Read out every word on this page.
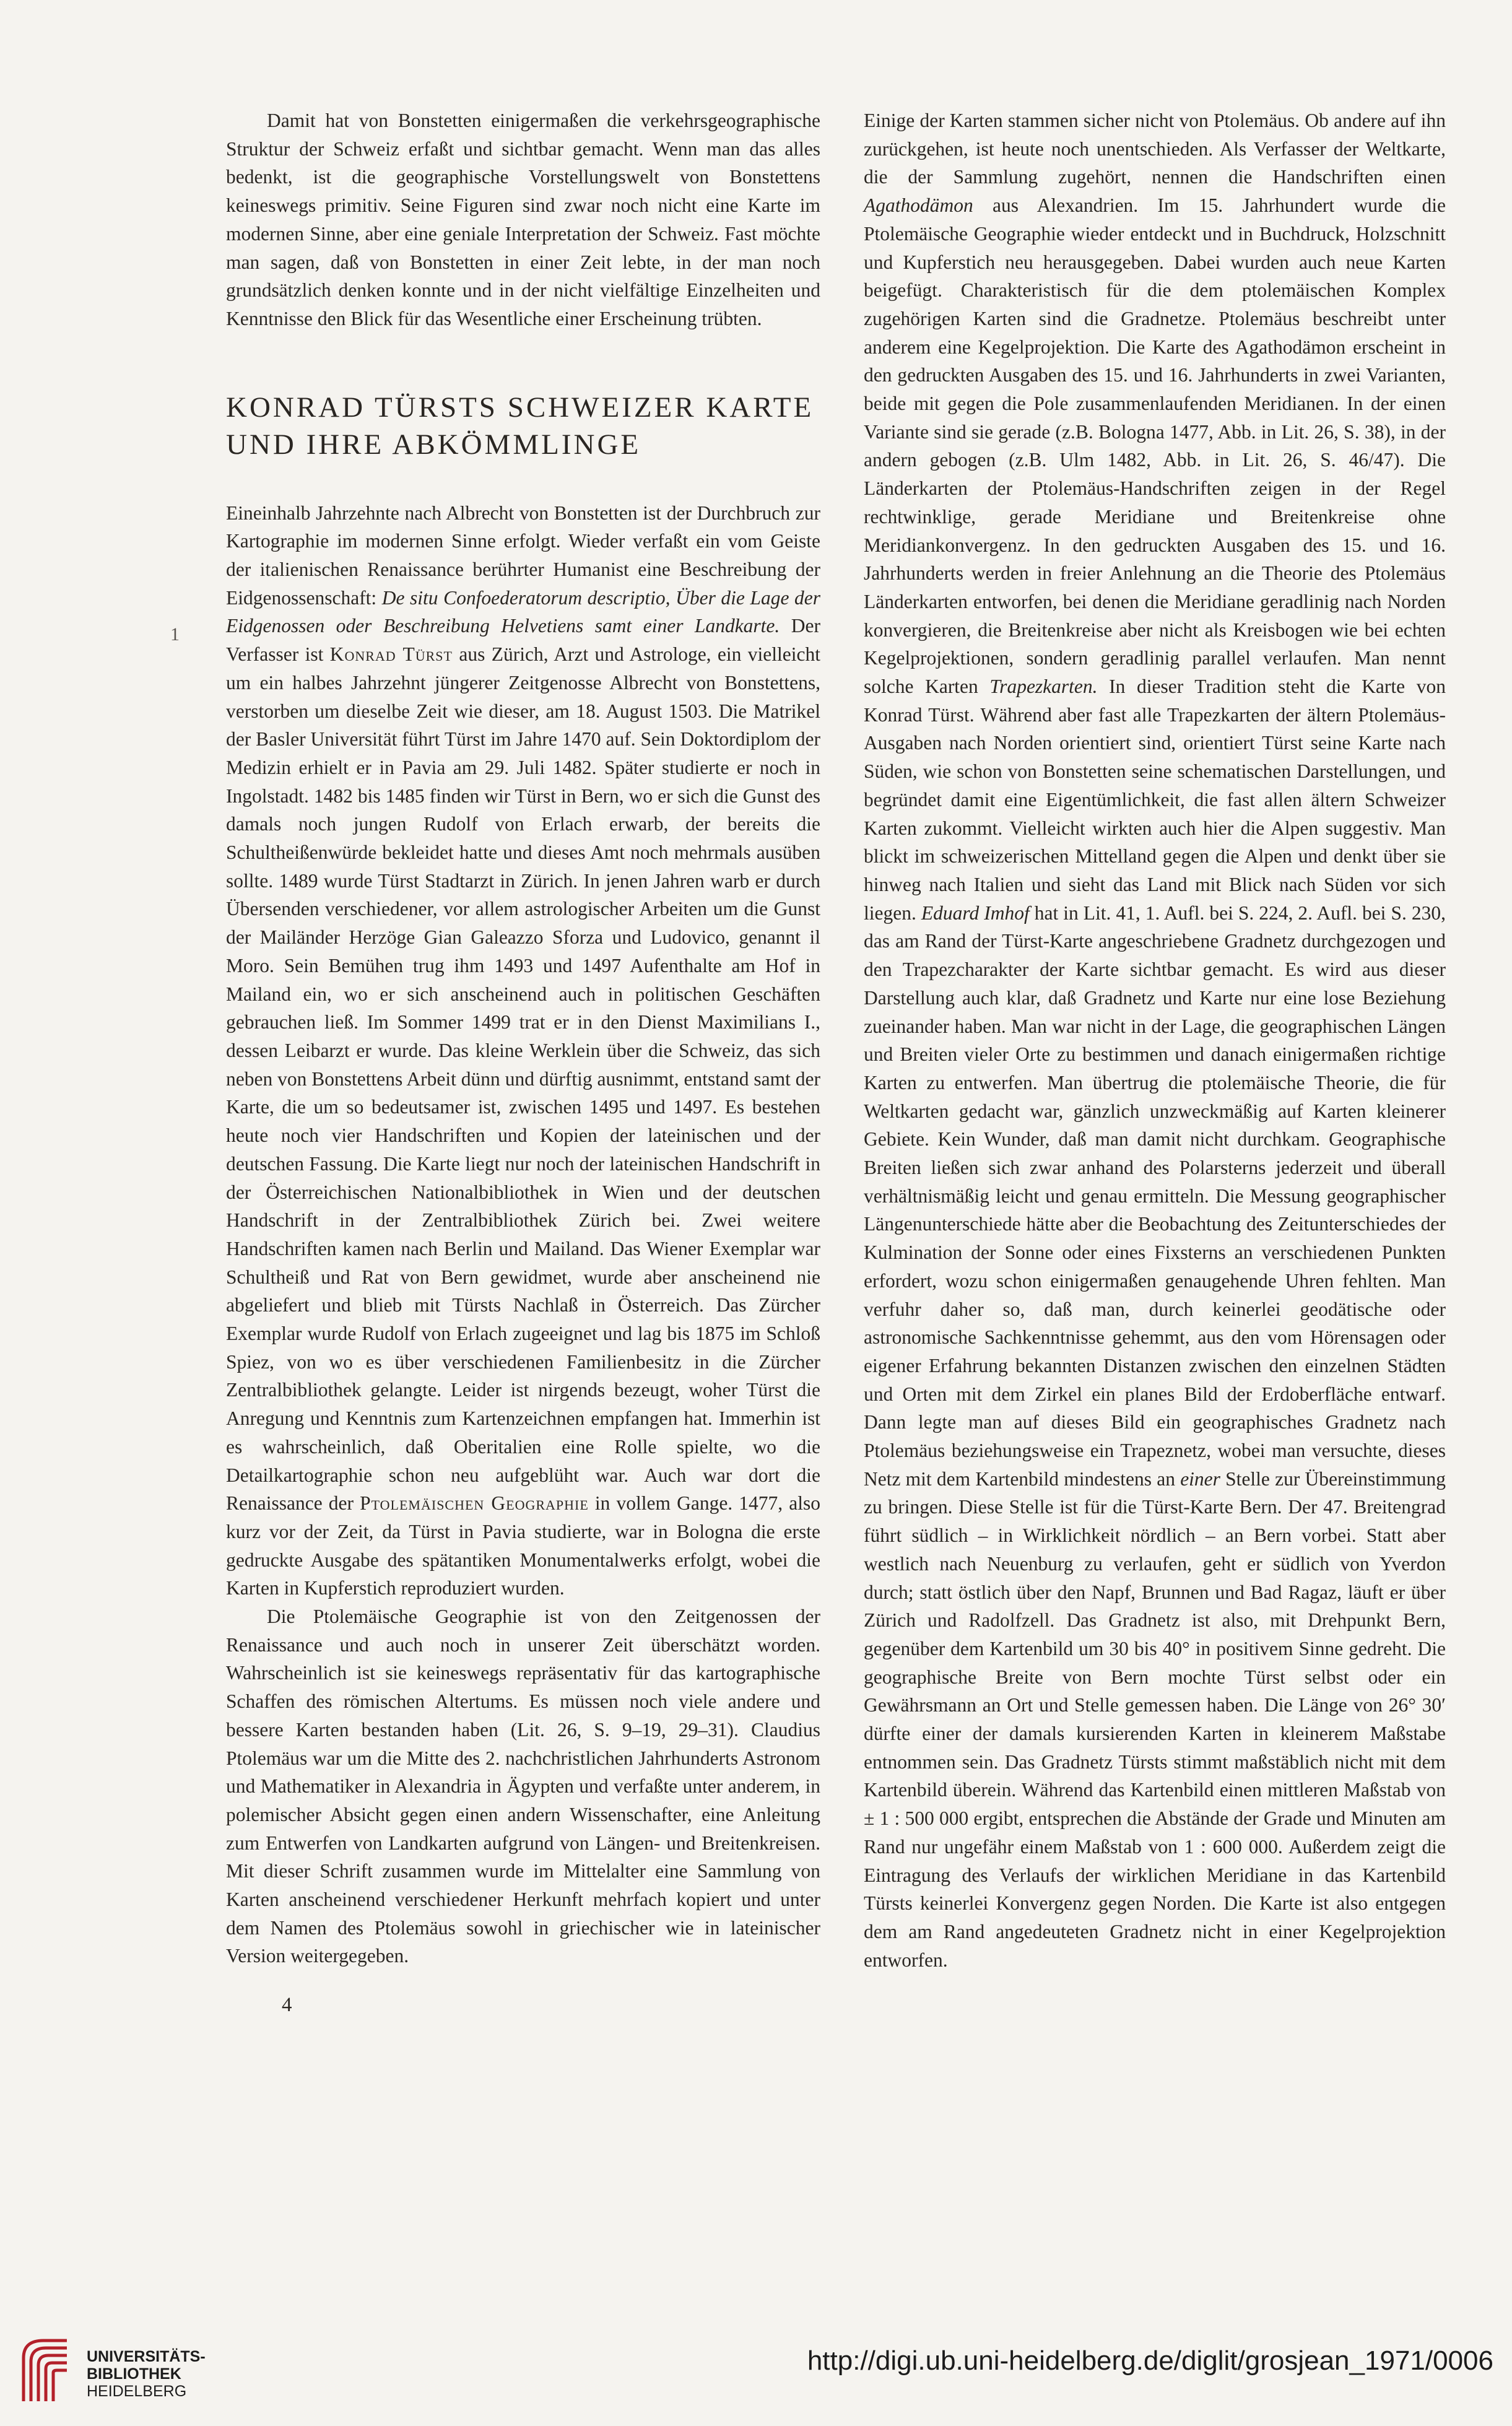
Damit hat von Bonstetten einigermaßen die verkehrsgeographische Struktur der Schweiz erfaßt und sichtbar gemacht. Wenn man das alles bedenkt, ist die geographische Vorstellungswelt von Bonstettens keineswegs primitiv. Seine Figuren sind zwar noch nicht eine Karte im modernen Sinne, aber eine geniale Interpretation der Schweiz. Fast möchte man sagen, daß von Bonstetten in einer Zeit lebte, in der man noch grundsätzlich denken konnte und in der nicht vielfältige Einzelheiten und Kenntnisse den Blick für das Wesentliche einer Erscheinung trübten.

KONRAD TÜRSTS SCHWEIZER KARTE
UND IHRE ABKÖMMLINGE

Eineinhalb Jahrzehnte nach Albrecht von Bonstetten ist der Durchbruch zur Kartographie im modernen Sinne erfolgt. Wieder verfaßt ein vom Geiste der italienischen Renaissance berührter Humanist eine Beschreibung der Eidgenossenschaft: De situ Confoederatorum descriptio, Über die Lage der Eidgenossen oder Beschreibung Helvetiens samt einer Landkarte. Der Verfasser ist Konrad Türst aus Zürich, Arzt und Astrologe, ein vielleicht um ein halbes Jahrzehnt jüngerer Zeitgenosse Albrecht von Bonstettens, verstorben um dieselbe Zeit wie dieser, am 18. August 1503. Die Matrikel der Basler Universität führt Türst im Jahre 1470 auf. Sein Doktordiplom der Medizin erhielt er in Pavia am 29. Juli 1482. Später studierte er noch in Ingolstadt. 1482 bis 1485 finden wir Türst in Bern, wo er sich die Gunst des damals noch jungen Rudolf von Erlach erwarb, der bereits die Schultheißenwürde bekleidet hatte und dieses Amt noch mehrmals ausüben sollte. 1489 wurde Türst Stadtarzt in Zürich. In jenen Jahren warb er durch Übersenden verschiedener, vor allem astrologischer Arbeiten um die Gunst der Mailänder Herzöge Gian Galeazzo Sforza und Ludovico, genannt il Moro. Sein Bemühen trug ihm 1493 und 1497 Aufenthalte am Hof in Mailand ein, wo er sich anscheinend auch in politischen Geschäften gebrauchen ließ. Im Sommer 1499 trat er in den Dienst Maximilians I., dessen Leibarzt er wurde. Das kleine Werklein über die Schweiz, das sich neben von Bonstettens Arbeit dünn und dürftig ausnimmt, entstand samt der Karte, die um so bedeutsamer ist, zwischen 1495 und 1497. Es bestehen heute noch vier Handschriften und Kopien der lateinischen und der deutschen Fassung. Die Karte liegt nur noch der lateinischen Handschrift in der Österreichischen Nationalbibliothek in Wien und der deutschen Handschrift in der Zentralbibliothek Zürich bei. Zwei weitere Handschriften kamen nach Berlin und Mailand. Das Wiener Exemplar war Schultheiß und Rat von Bern gewidmet, wurde aber anscheinend nie abgeliefert und blieb mit Türsts Nachlaß in Österreich. Das Zürcher Exemplar wurde Rudolf von Erlach zugeeignet und lag bis 1875 im Schloß Spiez, von wo es über verschiedenen Familienbesitz in die Zürcher Zentralbibliothek gelangte. Leider ist nirgends bezeugt, woher Türst die Anregung und Kenntnis zum Kartenzeichnen empfangen hat. Immerhin ist es wahrscheinlich, daß Oberitalien eine Rolle spielte, wo die Detailkartographie schon neu aufgeblüht war. Auch war dort die Renaissance der Ptolemäischen Geographie in vollem Gange. 1477, also kurz vor der Zeit, da Türst in Pavia studierte, war in Bologna die erste gedruckte Ausgabe des spätantiken Monumentalwerks erfolgt, wobei die Karten in Kupferstich reproduziert wurden.

Die Ptolemäische Geographie ist von den Zeitgenossen der Renaissance und auch noch in unserer Zeit überschätzt worden. Wahrscheinlich ist sie keineswegs repräsentativ für das kartographische Schaffen des römischen Altertums. Es müssen noch viele andere und bessere Karten bestanden haben (Lit. 26, S. 9–19, 29–31). Claudius Ptolemäus war um die Mitte des 2. nachchristlichen Jahrhunderts Astronom und Mathematiker in Alexandria in Ägypten und verfaßte unter anderem, in polemischer Absicht gegen einen andern Wissenschafter, eine Anleitung zum Entwerfen von Landkarten aufgrund von Längen- und Breitenkreisen. Mit dieser Schrift zusammen wurde im Mittelalter eine Sammlung von Karten anscheinend verschiedener Herkunft mehrfach kopiert und unter dem Namen des Ptolemäus sowohl in griechischer wie in lateinischer Version weitergegeben.

1

Einige der Karten stammen sicher nicht von Ptolemäus. Ob andere auf ihn zurückgehen, ist heute noch unentschieden. Als Verfasser der Weltkarte, die der Sammlung zugehört, nennen die Handschriften einen Agathodämon aus Alexandrien. Im 15. Jahrhundert wurde die Ptolemäische Geographie wieder entdeckt und in Buchdruck, Holzschnitt und Kupferstich neu herausgegeben. Dabei wurden auch neue Karten beigefügt. Charakteristisch für die dem ptolemäischen Komplex zugehörigen Karten sind die Gradnetze. Ptolemäus beschreibt unter anderem eine Kegelprojektion. Die Karte des Agathodämon erscheint in den gedruckten Ausgaben des 15. und 16. Jahrhunderts in zwei Varianten, beide mit gegen die Pole zusammenlaufenden Meridianen. In der einen Variante sind sie gerade (z.B. Bologna 1477, Abb. in Lit. 26, S. 38), in der andern gebogen (z.B. Ulm 1482, Abb. in Lit. 26, S. 46/47). Die Länderkarten der Ptolemäus-Handschriften zeigen in der Regel rechtwinklige, gerade Meridiane und Breitenkreise ohne Meridiankonvergenz. In den gedruckten Ausgaben des 15. und 16. Jahrhunderts werden in freier Anlehnung an die Theorie des Ptolemäus Länderkarten entworfen, bei denen die Meridiane geradlinig nach Norden konvergieren, die Breitenkreise aber nicht als Kreisbogen wie bei echten Kegelprojektionen, sondern geradlinig parallel verlaufen. Man nennt solche Karten Trapezkarten. In dieser Tradition steht die Karte von Konrad Türst. Während aber fast alle Trapezkarten der ältern Ptolemäus-Ausgaben nach Norden orientiert sind, orientiert Türst seine Karte nach Süden, wie schon von Bonstetten seine schematischen Darstellungen, und begründet damit eine Eigentümlichkeit, die fast allen ältern Schweizer Karten zukommt. Vielleicht wirkten auch hier die Alpen suggestiv. Man blickt im schweizerischen Mittelland gegen die Alpen und denkt über sie hinweg nach Italien und sieht das Land mit Blick nach Süden vor sich liegen. Eduard Imhof hat in Lit. 41, 1. Aufl. bei S. 224, 2. Aufl. bei S. 230, das am Rand der Türst-Karte angeschriebene Gradnetz durchgezogen und den Trapezcharakter der Karte sichtbar gemacht. Es wird aus dieser Darstellung auch klar, daß Gradnetz und Karte nur eine lose Beziehung zueinander haben. Man war nicht in der Lage, die geographischen Längen und Breiten vieler Orte zu bestimmen und danach einigermaßen richtige Karten zu entwerfen. Man übertrug die ptolemäische Theorie, die für Weltkarten gedacht war, gänzlich unzweckmäßig auf Karten kleinerer Gebiete. Kein Wunder, daß man damit nicht durchkam. Geographische Breiten ließen sich zwar anhand des Polarsterns jederzeit und überall verhältnismäßig leicht und genau ermitteln. Die Messung geographischer Längenunterschiede hätte aber die Beobachtung des Zeitunterschiedes der Kulmination der Sonne oder eines Fixsterns an verschiedenen Punkten erfordert, wozu schon einigermaßen genaugehende Uhren fehlten. Man verfuhr daher so, daß man, durch keinerlei geodätische oder astronomische Sachkenntnisse gehemmt, aus den vom Hörensagen oder eigener Erfahrung bekannten Distanzen zwischen den einzelnen Städten und Orten mit dem Zirkel ein planes Bild der Erdoberfläche entwarf. Dann legte man auf dieses Bild ein geographisches Gradnetz nach Ptolemäus beziehungsweise ein Trapeznetz, wobei man versuchte, dieses Netz mit dem Kartenbild mindestens an einer Stelle zur Übereinstimmung zu bringen. Diese Stelle ist für die Türst-Karte Bern. Der 47. Breitengrad führt südlich – in Wirklichkeit nördlich – an Bern vorbei. Statt aber westlich nach Neuenburg zu verlaufen, geht er südlich von Yverdon durch; statt östlich über den Napf, Brunnen und Bad Ragaz, läuft er über Zürich und Radolfzell. Das Gradnetz ist also, mit Drehpunkt Bern, gegenüber dem Kartenbild um 30 bis 40° in positivem Sinne gedreht. Die geographische Breite von Bern mochte Türst selbst oder ein Gewährsmann an Ort und Stelle gemessen haben. Die Länge von 26° 30′ dürfte einer der damals kursierenden Karten in kleinerem Maßstabe entnommen sein. Das Gradnetz Türsts stimmt maßstäblich nicht mit dem Kartenbild überein. Während das Kartenbild einen mittleren Maßstab von ± 1 : 500 000 ergibt, entsprechen die Abstände der Grade und Minuten am Rand nur ungefähr einem Maßstab von 1 : 600 000. Außerdem zeigt die Eintragung des Verlaufs der wirklichen Meridiane in das Kartenbild Türsts keinerlei Konvergenz gegen Norden. Die Karte ist also entgegen dem am Rand angedeuteten Gradnetz nicht in einer Kegelprojektion entworfen.

4
UNIVERSITÄTS-
BIBLIOTHEK
HEIDELBERG
http://digi.ub.uni-heidelberg.de/diglit/grosjean_1971/0006
